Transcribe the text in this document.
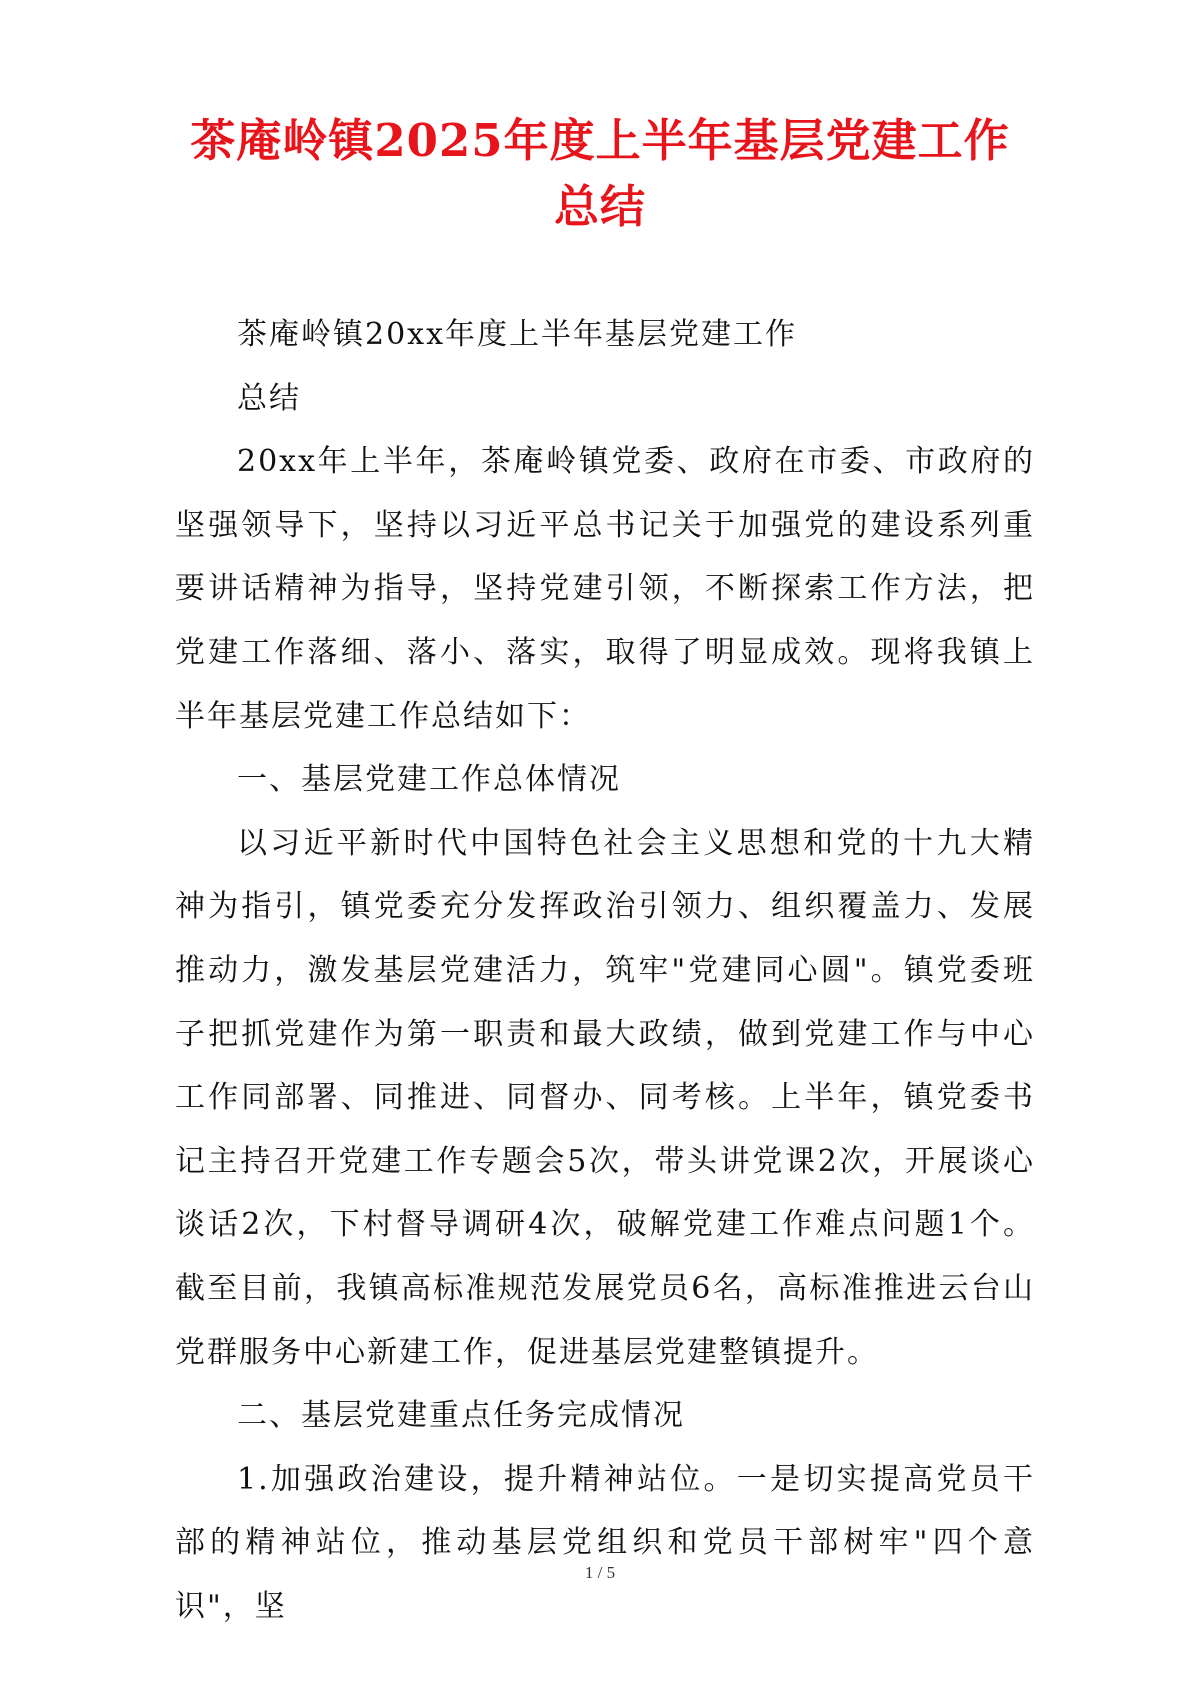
茶庵岭镇2025年度上半年基层党建工作总结

茶庵岭镇20xx年度上半年基层党建工作

总结

20xx年上半年，茶庵岭镇党委、政府在市委、市政府的坚强领导下，坚持以习近平总书记关于加强党的建设系列重要讲话精神为指导，坚持党建引领，不断探索工作方法，把党建工作落细、落小、落实，取得了明显成效。现将我镇上半年基层党建工作总结如下：

一、基层党建工作总体情况

以习近平新时代中国特色社会主义思想和党的十九大精神为指引，镇党委充分发挥政治引领力、组织覆盖力、发展推动力，激发基层党建活力，筑牢"党建同心圆"。镇党委班子把抓党建作为第一职责和最大政绩，做到党建工作与中心工作同部署、同推进、同督办、同考核。上半年，镇党委书记主持召开党建工作专题会5次，带头讲党课2次，开展谈心谈话2次，下村督导调研4次，破解党建工作难点问题1个。截至目前，我镇高标准规范发展党员6名，高标准推进云台山党群服务中心新建工作，促进基层党建整镇提升。

二、基层党建重点任务完成情况

1.加强政治建设，提升精神站位。一是切实提高党员干部的精神站位，推动基层党组织和党员干部树牢"四个意识"，坚

1 / 5
